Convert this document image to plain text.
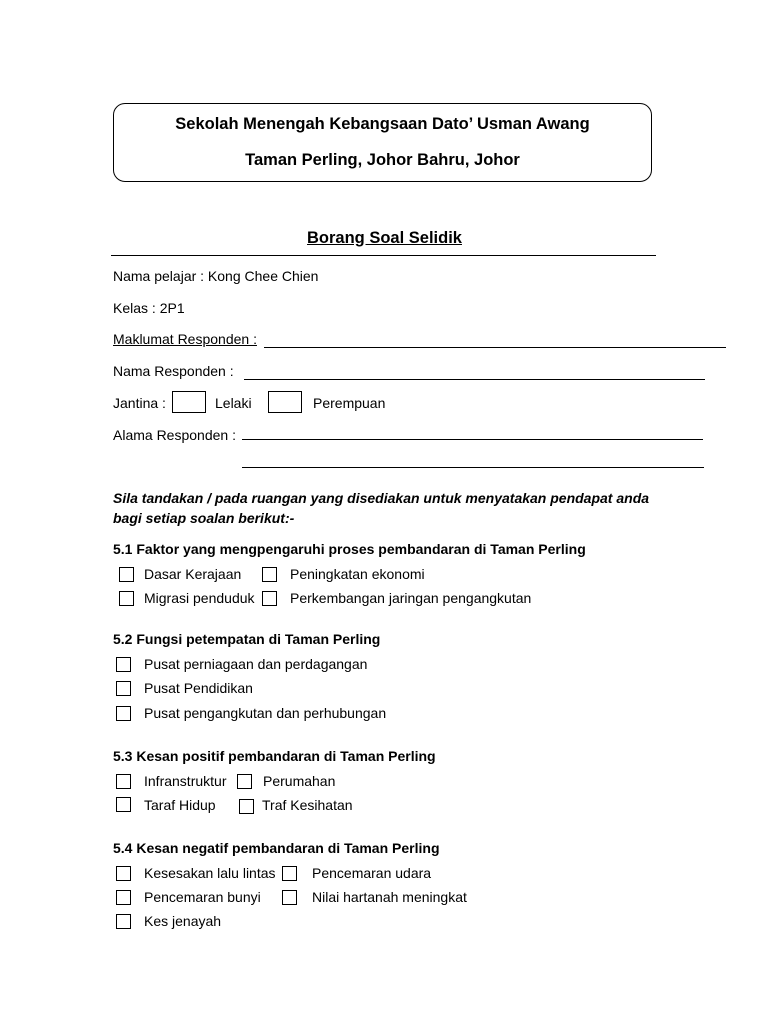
Sekolah Menengah Kebangsaan Dato’ Usman Awang
Taman Perling, Johor Bahru, Johor
Borang Soal Selidik
Nama pelajar : Kong Chee Chien
Kelas : 2P1
Maklumat Responden :
Nama Responden :
Jantina :	Lelaki	Perempuan
Alama Responden :
Sila tandakan / pada ruangan yang disediakan untuk menyatakan pendapat anda
bagi setiap soalan berikut:-
5.1 Faktor yang mengpengaruhi proses pembandaran di Taman Perling
Dasar Kerajaan	Peningkatan ekonomi
Migrasi penduduk	Perkembangan jaringan pengangkutan
5.2 Fungsi petempatan di Taman Perling
Pusat perniagaan dan perdagangan
Pusat Pendidikan
Pusat pengangkutan dan perhubungan
5.3 Kesan positif pembandaran di Taman Perling
Infranstruktur	Perumahan
Taraf Hidup	Traf Kesihatan
5.4 Kesan negatif pembandaran di Taman Perling
Kesesakan lalu lintas	Pencemaran udara
Pencemaran bunyi	Nilai hartanah meningkat
Kes jenayah
